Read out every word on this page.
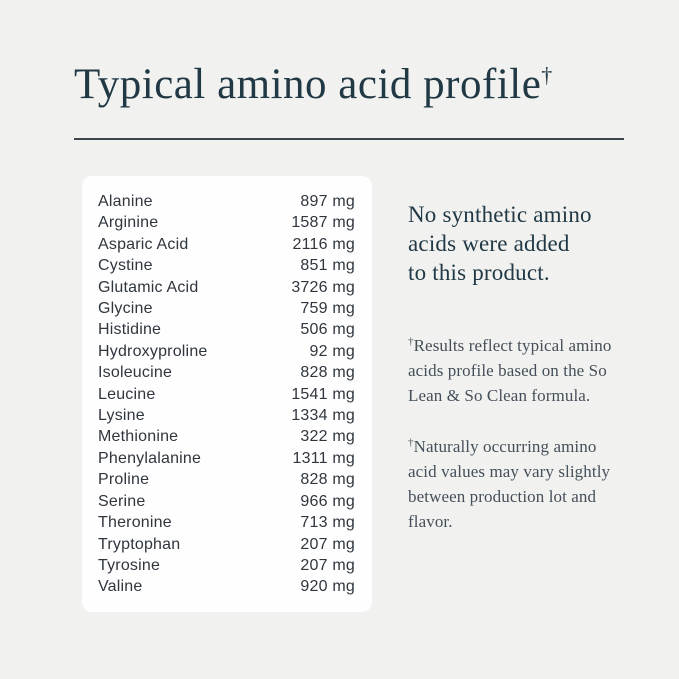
Typical amino acid profile†
Alanine	897 mg
Arginine	1587 mg
Asparic Acid	2116 mg
Cystine	851 mg
Glutamic Acid	3726 mg
Glycine	759 mg
Histidine	506 mg
Hydroxyproline	92 mg
Isoleucine	828 mg
Leucine	1541 mg
Lysine	1334 mg
Methionine	322 mg
Phenylalanine	1311 mg
Proline	828 mg
Serine	966 mg
Theronine	713 mg
Tryptophan	207 mg
Tyrosine	207 mg
Valine	920 mg

No synthetic amino acids were added to this product.

†Results reflect typical amino acids profile based on the So Lean & So Clean formula.

†Naturally occurring amino acid values may vary slightly between production lot and flavor.
